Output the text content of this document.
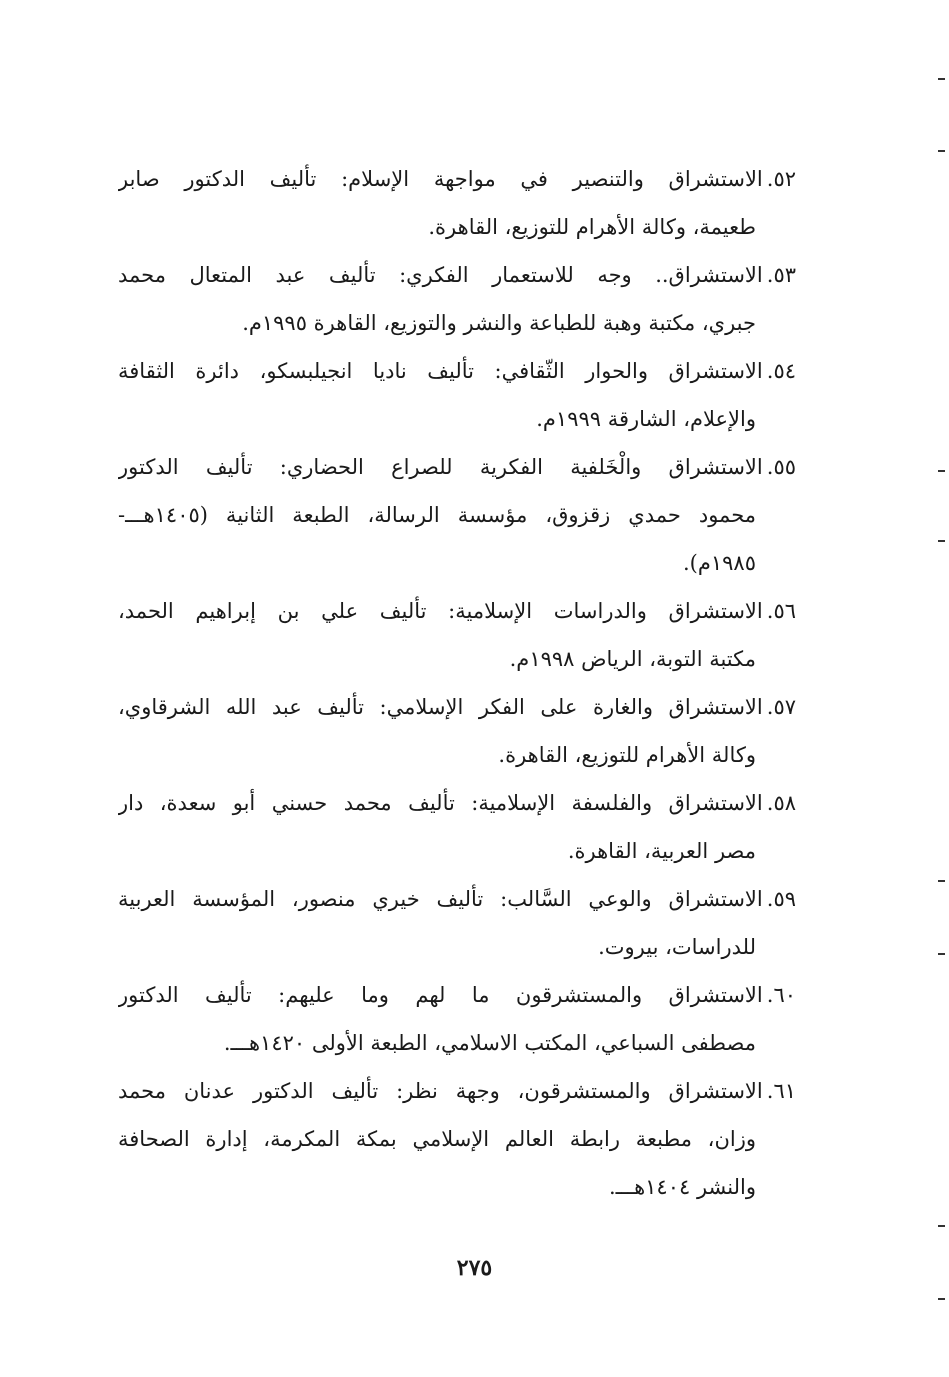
٥٢.الاستشراق والتنصير في مواجهة الإسلام: تأليف الدكتور صابر
طعيمة، وكالة الأهرام للتوزيع، القاهرة.
٥٣.الاستشراق.. وجه للاستعمار الفكري: تأليف عبد المتعال محمد
جبري، مكتبة وهبة للطباعة والنشر والتوزيع، القاهرة ١٩٩٥م.
٥٤.الاستشراق والحوار الثّقافي: تأليف ناديا انجيلبسكو، دائرة الثقافة
والإعلام، الشارقة ١٩٩٩م.
٥٥.الاستشراق والْخَلفية الفكرية للصراع الحضاري: تأليف الدكتور
محمود حمدي زقزوق، مؤسسة الرسالة، الطبعة الثانية (١٤٠٥هـــ-
١٩٨٥م).
٥٦.الاستشراق والدراسات الإسلامية: تأليف علي بن إبراهيم الحمد،
مكتبة التوبة، الرياض ١٩٩٨م.
٥٧.الاستشراق والغارة على الفكر الإسلامي: تأليف عبد الله الشرقاوي،
وكالة الأهرام للتوزيع، القاهرة.
٥٨.الاستشراق والفلسفة الإسلامية: تأليف محمد حسني أبو سعدة، دار
مصر العربية، القاهرة.
٥٩.الاستشراق والوعي السَّالب: تأليف خيري منصور، المؤسسة العربية
للدراسات، بيروت.
٦٠.الاستشراق والمستشرقون ما لهم وما عليهم: تأليف الدكتور
مصطفى السباعي، المكتب الاسلامي، الطبعة الأولى ١٤٢٠هـــ.
٦١.الاستشراق والمستشرقون، وجهة نظر: تأليف الدكتور عدنان محمد
وزان، مطبعة رابطة العالم الإسلامي بمكة المكرمة، إدارة الصحافة
والنشر ١٤٠٤هـــ.
٢٧٥
